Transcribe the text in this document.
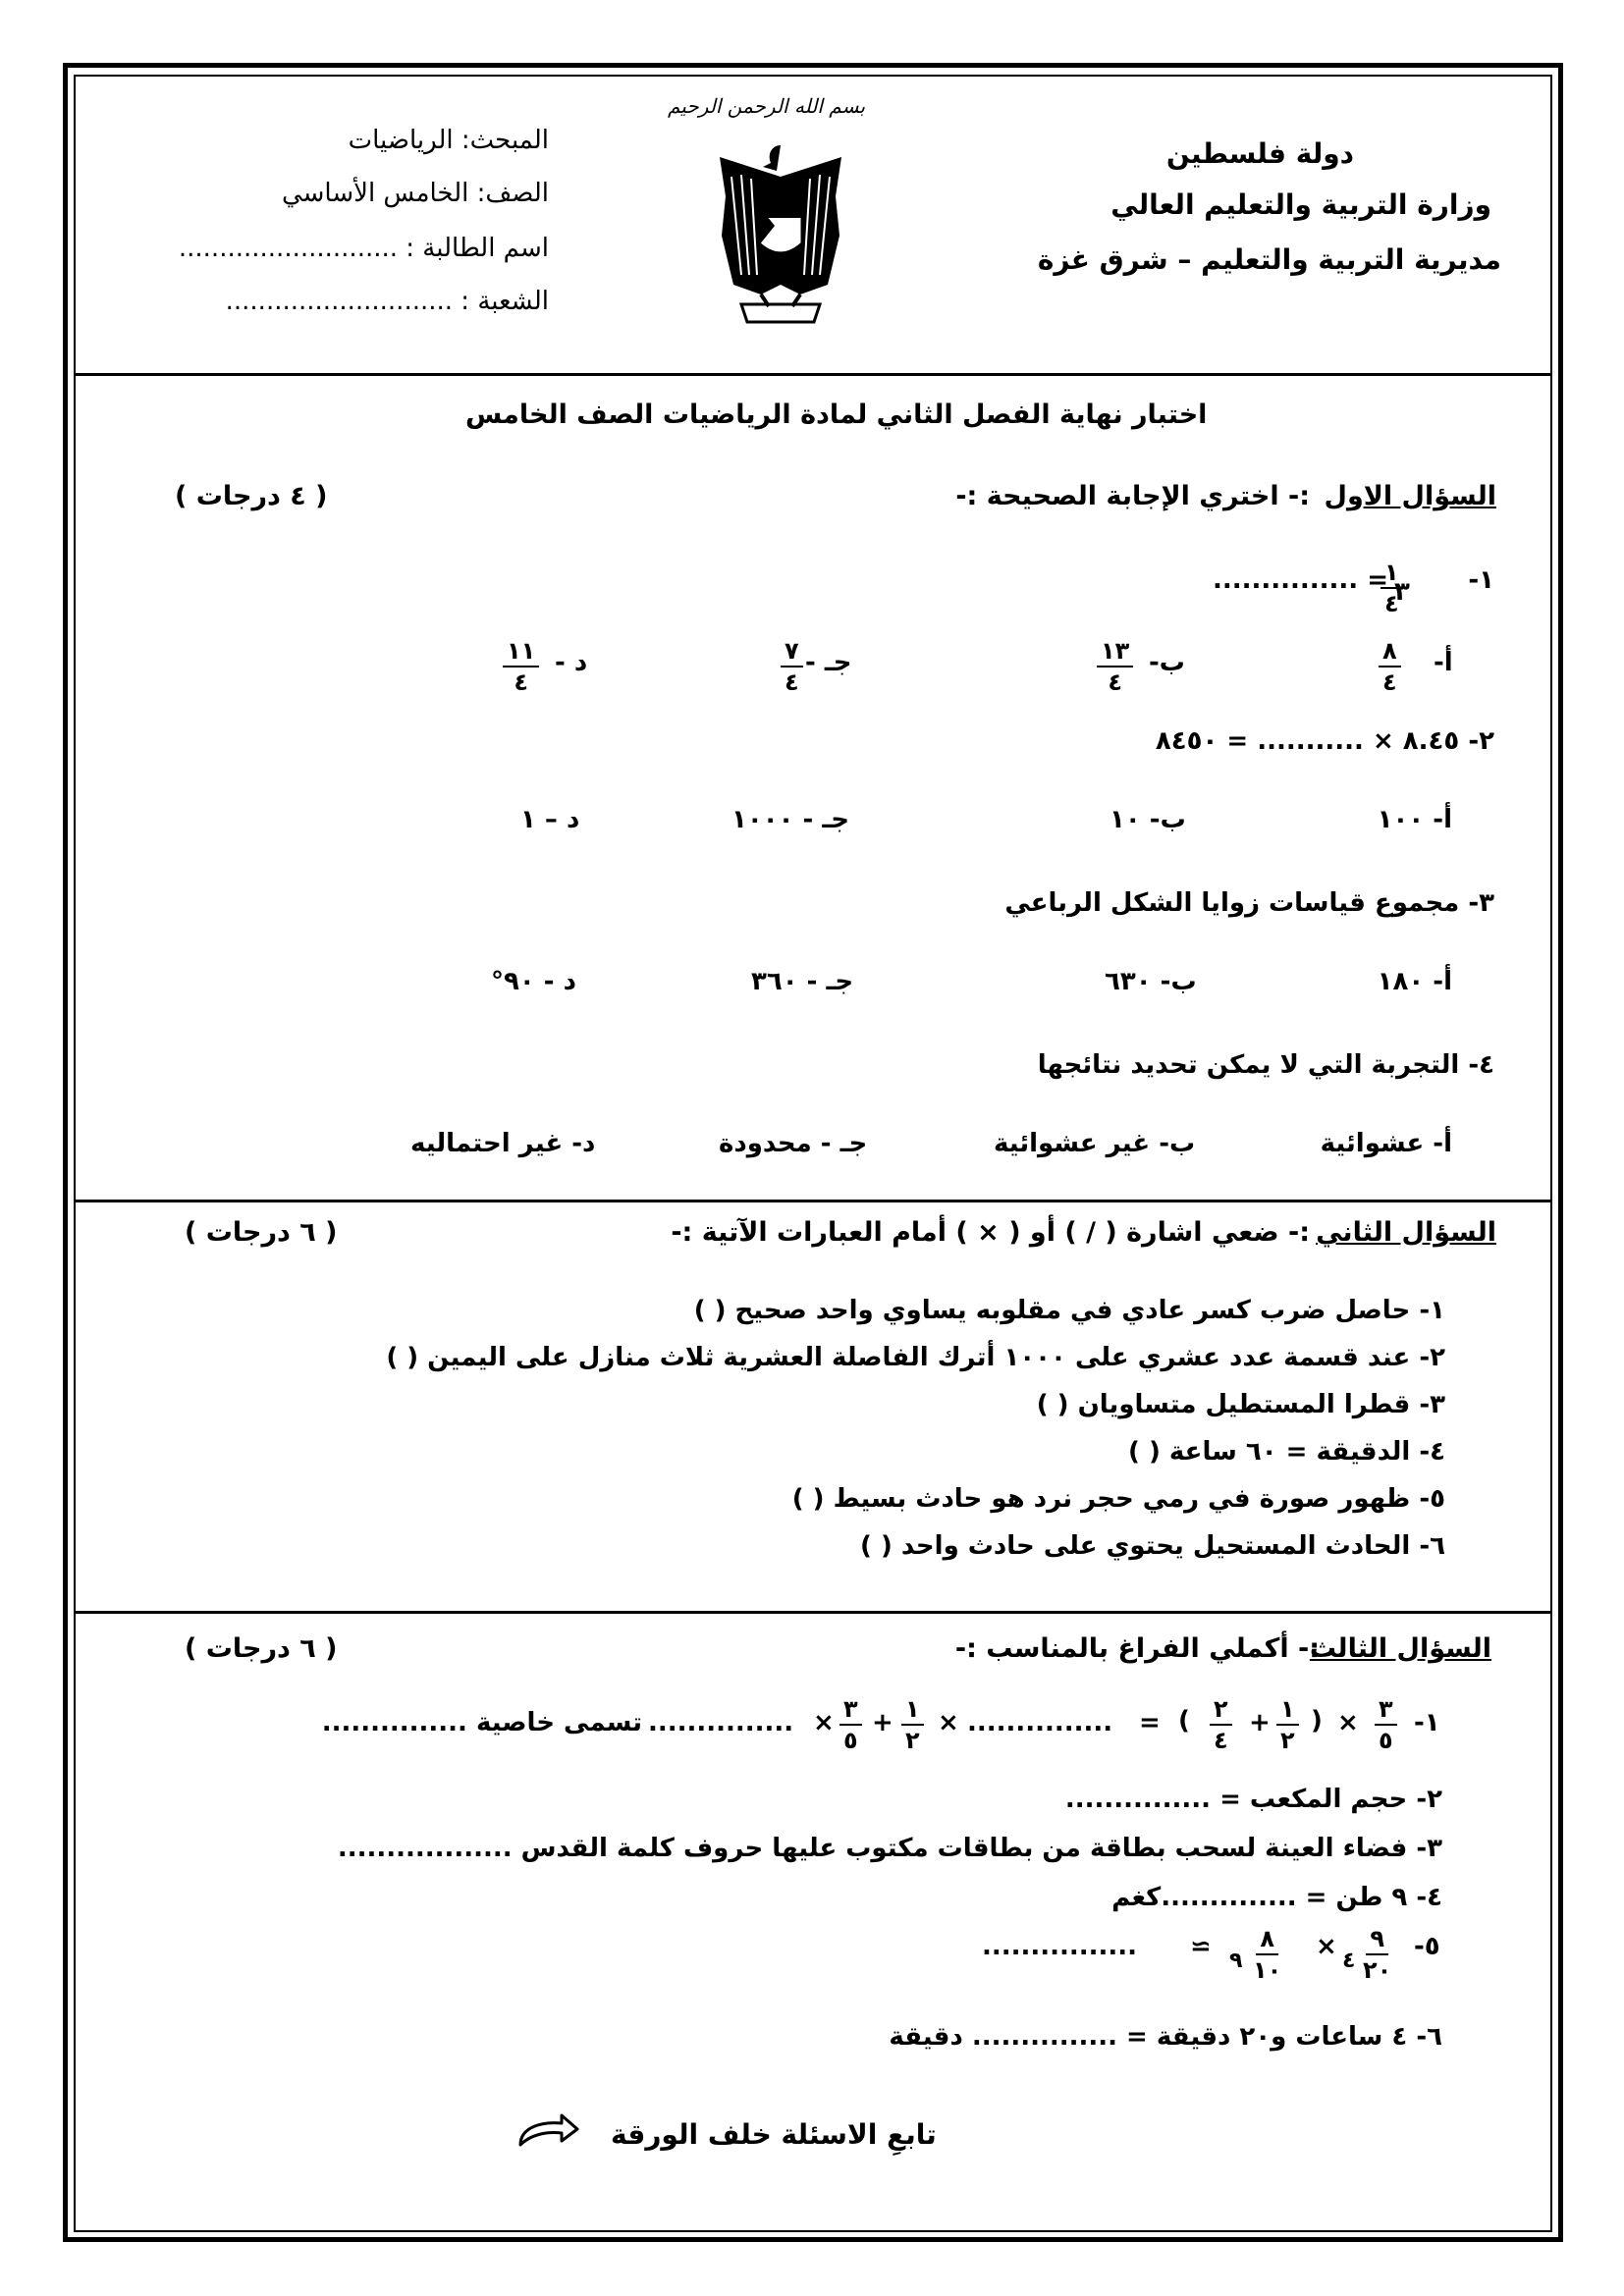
بسم الله الرحمن الرحيم
دولة فلسطين
وزارة التربية والتعليم العالي
مديرية التربية والتعليم – شرق غزة
المبحث: الرياضيات
الصف: الخامس الأساسي
اسم الطالبة : ...........................
الشعبة : ............................
اختبار نهاية الفصل الثاني لمادة الرياضيات الصف الخامس
السؤال الاول
:- اختري الإجابة الصحيحة :-
( ٤ درجات )
١-
١
٤
٣
= ...............
أ-
٨
٤
ب-
١٣
٤
جـ -
٧
٤
د -
١١
٤
٢- ٨.٤٥ × ........... = ٨٤٥٠
أ- ١٠٠
ب- ١٠
جـ - ١٠٠٠
د – ١
٣- مجموع قياسات زوايا الشكل الرباعي
أ- ١٨٠
ب- ٦٣٠
جـ - ٣٦٠
د - ٩٠°
٤- التجربة التي لا يمكن تحديد نتائجها
أ- عشوائية
ب- غير عشوائية
جـ - محدودة
د- غير احتماليه
السؤال الثاني
:- ضعي اشارة ( / ) أو ( × ) أمام العبارات الآتية :-
( ٦ درجات )
١- حاصل ضرب كسر عادي في مقلوبه يساوي واحد صحيح ( )
٢- عند قسمة عدد عشري على ١٠٠٠ أترك الفاصلة العشرية ثلاث منازل على اليمين ( )
٣- قطرا المستطيل متساويان ( )
٤- الدقيقة = ٦٠ ساعة ( )
٥- ظهور صورة في رمي حجر نرد هو حادث بسيط ( )
٦- الحادث المستحيل يحتوي على حادث واحد ( )
السؤال الثالث
:- أكملي الفراغ بالمناسب :-
( ٦ درجات )
١-
٣
٥
×
(
١
٢
+
٢
٤
)
=
...............
×
١
٢
+
٣
٥
×
...............
تسمى خاصية ...............
٢- حجم المكعب = ...............
٣- فضاء العينة لسحب بطاقة من بطاقات مكتوب عليها حروف كلمة القدس ..................
٤- ٩ طن = ..............كغم
٥-
٩
٢٠
٤
×
٨
١٠
٩
≃
................
٦- ٤ ساعات و٢٠ دقيقة = ............... دقيقة
تابعِ الاسئلة خلف الورقة
